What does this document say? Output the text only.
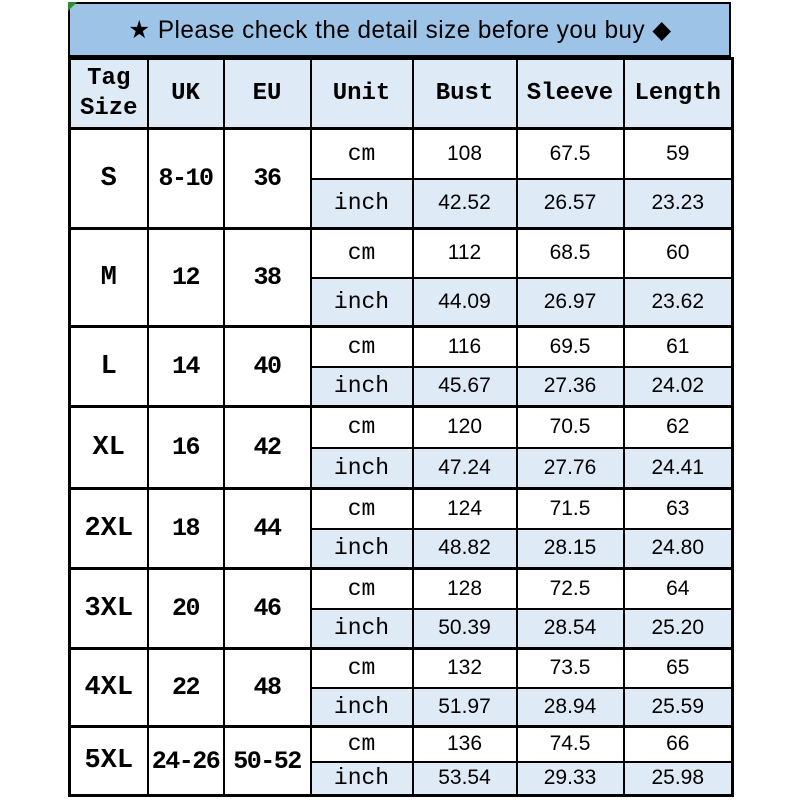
★ Please check the detail size before you buy ◆
Tag Size	UK	EU	Unit	Bust	Sleeve	Length
S	8-10	36	cm	108	67.5	59
			inch	42.52	26.57	23.23
M	12	38	cm	112	68.5	60
			inch	44.09	26.97	23.62
L	14	40	cm	116	69.5	61
			inch	45.67	27.36	24.02
XL	16	42	cm	120	70.5	62
			inch	47.24	27.76	24.41
2XL	18	44	cm	124	71.5	63
			inch	48.82	28.15	24.80
3XL	20	46	cm	128	72.5	64
			inch	50.39	28.54	25.20
4XL	22	48	cm	132	73.5	65
			inch	51.97	28.94	25.59
5XL	24-26	50-52	cm	136	74.5	66
			inch	53.54	29.33	25.98
